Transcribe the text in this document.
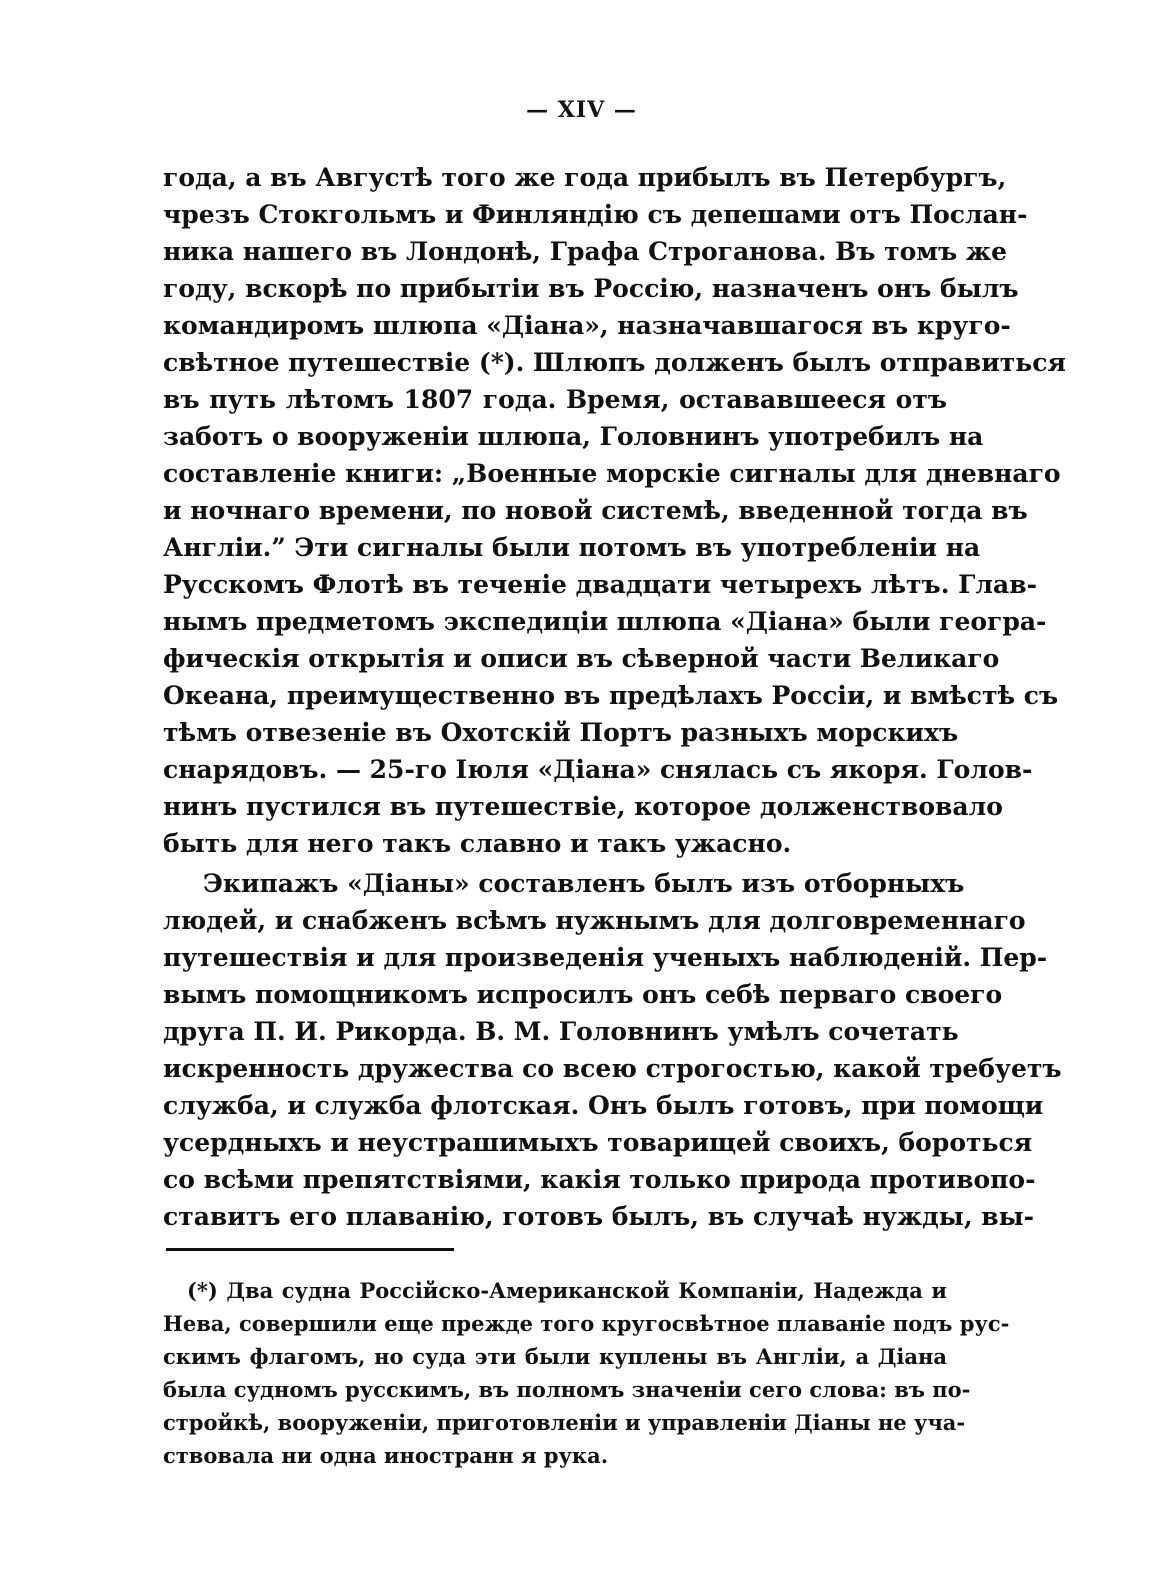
— XIV —
года, а въ Августѣ того же года прибылъ въ Петербургъ,
чрезъ Стокгольмъ и Финляндію съ депешами отъ Послан-
ника нашего въ Лондонѣ, Графа Строганова. Въ томъ же
году, вскорѣ по прибытіи въ Россію, назначенъ онъ былъ
командиромъ шлюпа «Діана», назначавшагося въ круго-
свѣтное путешествіе (*). Шлюпъ долженъ былъ отправиться
въ путь лѣтомъ 1807 года. Время, остававшееся отъ
заботъ о вооруженіи шлюпа, Головнинъ употребилъ на
составленіе книги: „Военные морскіе сигналы для дневнаго
и ночнаго времени, по новой системѣ, введенной тогда въ
Англіи.” Эти сигналы были потомъ въ употребленіи на
Русскомъ Флотѣ въ теченіе двадцати четырехъ лѣтъ. Глав-
нымъ предметомъ экспедиціи шлюпа «Діана» были геогра-
фическія открытія и описи въ сѣверной части Великаго
Океана, преимущественно въ предѣлахъ Россіи, и вмѣстѣ съ
тѣмъ отвезеніе въ Охотскій Портъ разныхъ морскихъ
снарядовъ. — 25-го Іюля «Діана» снялась съ якоря. Голов-
нинъ пустился въ путешествіе, которое долженствовало
быть для него такъ славно и такъ ужасно.
Экипажъ «Діаны» составленъ былъ изъ отборныхъ
людей, и снабженъ всѣмъ нужнымъ для долговременнаго
путешествія и для произведенія ученыхъ наблюденій. Пер-
вымъ помощникомъ испросилъ онъ себѣ перваго своего
друга П. И. Рикорда. В. М. Головнинъ умѣлъ сочетать
искренность дружества со всею строгостью, какой требуетъ
служба, и служба флотская. Онъ былъ готовъ, при помощи
усердныхъ и неустрашимыхъ товарищей своихъ, бороться
со всѣми препятствіями, какія только природа противопо-
ставитъ его плаванію, готовъ былъ, въ случаѣ нужды, вы-
(*) Два судна Россійско-Американской Компаніи, Надежда и
Нева, совершили еще прежде того кругосвѣтное плаваніе подъ рус-
скимъ флагомъ, но суда эти были куплены въ Англіи, а Діана
была судномъ русскимъ, въ полномъ значеніи сего слова: въ по-
стройкѣ, вооруженіи, приготовленіи и управленіи Діаны не уча-
ствовала ни одна иностранн я рука.
